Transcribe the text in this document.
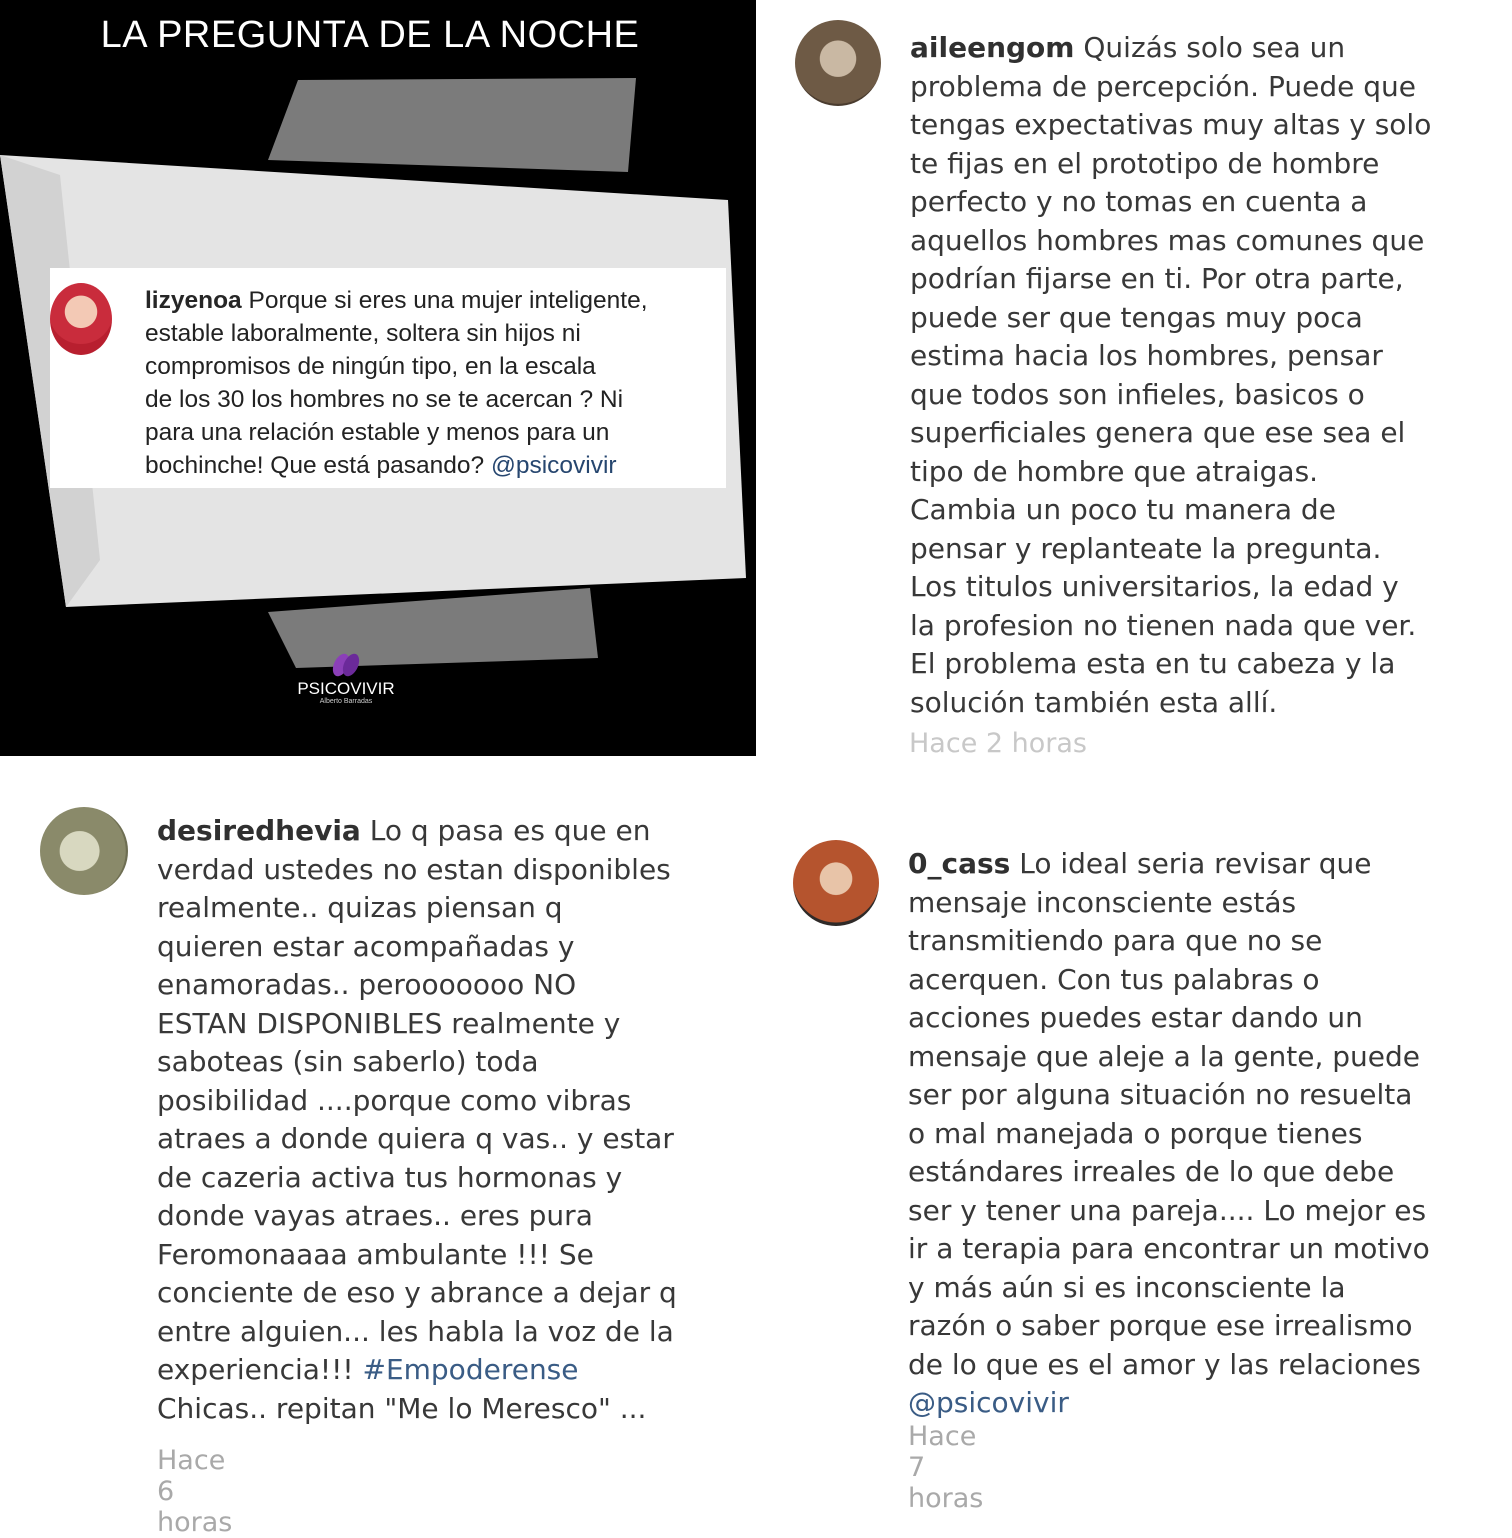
LA PREGUNTA DE LA NOCHE
lizyenoa Porque si eres una mujer inteligente,
estable laboralmente, soltera sin hijos ni
compromisos de ningún tipo, en la escala
de los 30 los hombres no se te acercan ? Ni
para una relación estable y menos para un
bochinche! Que está pasando? @psicovivir
PSICOVIVIR
Alberto Barradas
aileengom Quizás solo sea un
problema de percepción. Puede que
tengas expectativas muy altas y solo
te fijas en el prototipo de hombre
perfecto y no tomas en cuenta a
aquellos hombres mas comunes que
podrían fijarse en ti. Por otra parte,
puede ser que tengas muy poca
estima hacia los hombres, pensar
que todos son infieles, basicos o
superficiales genera que ese sea el
tipo de hombre que atraigas.
Cambia un poco tu manera de
pensar y replanteate la pregunta.
Los titulos universitarios, la edad y
la profesion no tienen nada que ver.
El problema esta en tu cabeza y la
solución también esta allí.
Hace 2 horas
desiredhevia Lo q pasa es que en
verdad ustedes no estan disponibles
realmente.. quizas piensan q
quieren estar acompañadas y
enamoradas.. perooooooo NO
ESTAN DISPONIBLES realmente y
saboteas (sin saberlo) toda
posibilidad ....porque como vibras
atraes a donde quiera q vas.. y estar
de cazeria activa tus hormonas y
donde vayas atraes.. eres pura
Feromonaaaa ambulante !!! Se
conciente de eso y abrance a dejar q
entre alguien... les habla la voz de la
experiencia!!! #Empoderense
Chicas.. repitan "Me lo Meresco" ...
Hace 6 horas
0_cass Lo ideal seria revisar que
mensaje inconsciente estás
transmitiendo para que no se
acerquen. Con tus palabras o
acciones puedes estar dando un
mensaje que aleje a la gente, puede
ser por alguna situación no resuelta
o mal manejada o porque tienes
estándares irreales de lo que debe
ser y tener una pareja.... Lo mejor es
ir a terapia para encontrar un motivo
y más aún si es inconsciente la
razón o saber porque ese irrealismo
de lo que es el amor y las relaciones
@psicovivir
Hace 7 horas
